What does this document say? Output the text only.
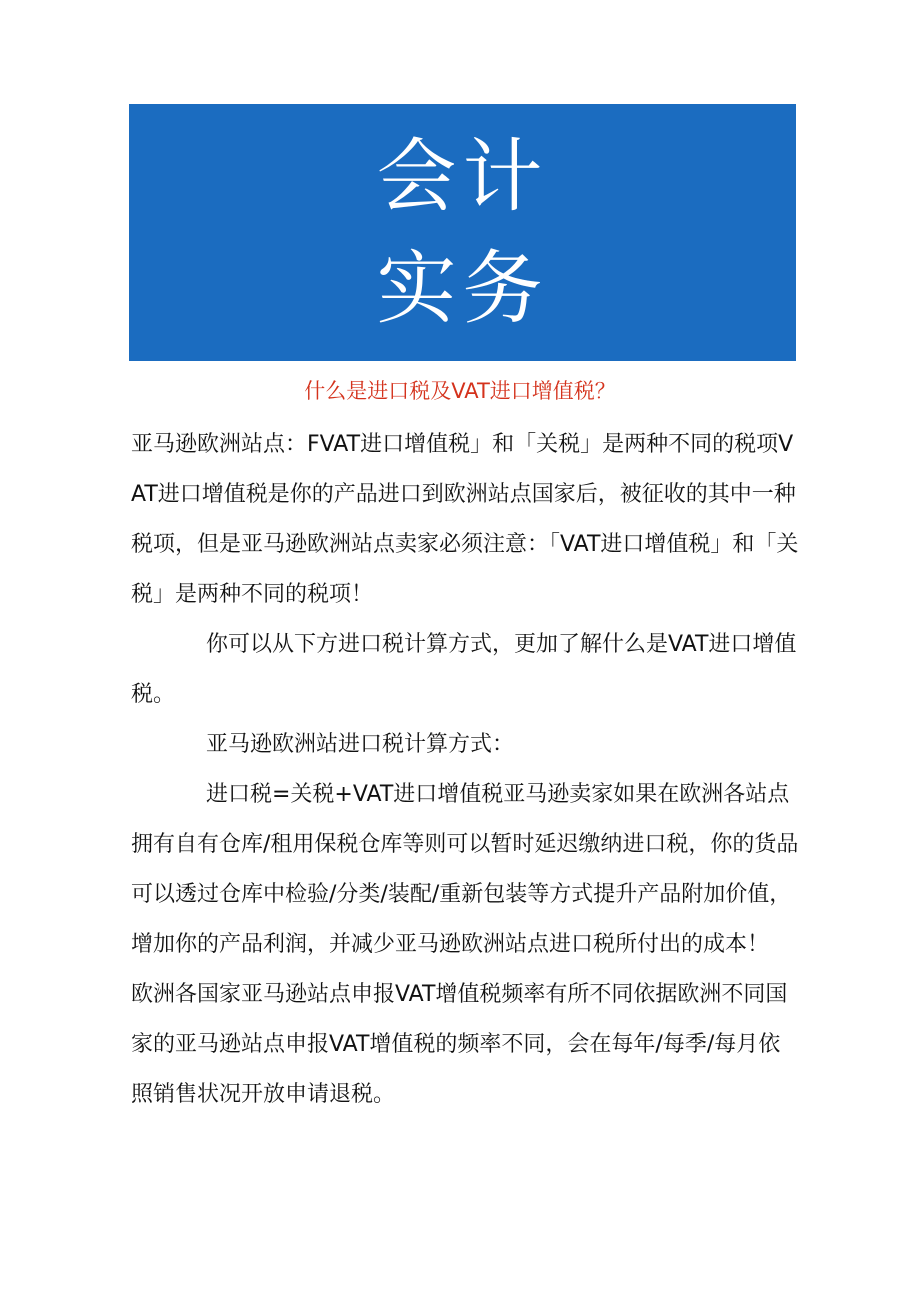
会计
实务
什么是进口税及VAT进口增值税？

亚马逊欧洲站点：FVAT进口增值税」和「关税」是两种不同的税项VAT进口增值税是你的产品进口到欧洲站点国家后，被征收的其中一种税项，但是亚马逊欧洲站点卖家必须注意：「VAT进口增值税」和「关税」是两种不同的税项！

你可以从下方进口税计算方式，更加了解什么是VAT进口增值税。

亚马逊欧洲站进口税计算方式：

进口税=关税+VAT进口增值税亚马逊卖家如果在欧洲各站点拥有自有仓库/租用保税仓库等则可以暂时延迟缴纳进口税，你的货品可以透过仓库中检验/分类/装配/重新包装等方式提升产品附加价值，增加你的产品利润，并减少亚马逊欧洲站点进口税所付出的成本！

欧洲各国家亚马逊站点申报VAT增值税频率有所不同依据欧洲不同国家的亚马逊站点申报VAT增值税的频率不同，会在每年/每季/每月依照销售状况开放申请退税。
